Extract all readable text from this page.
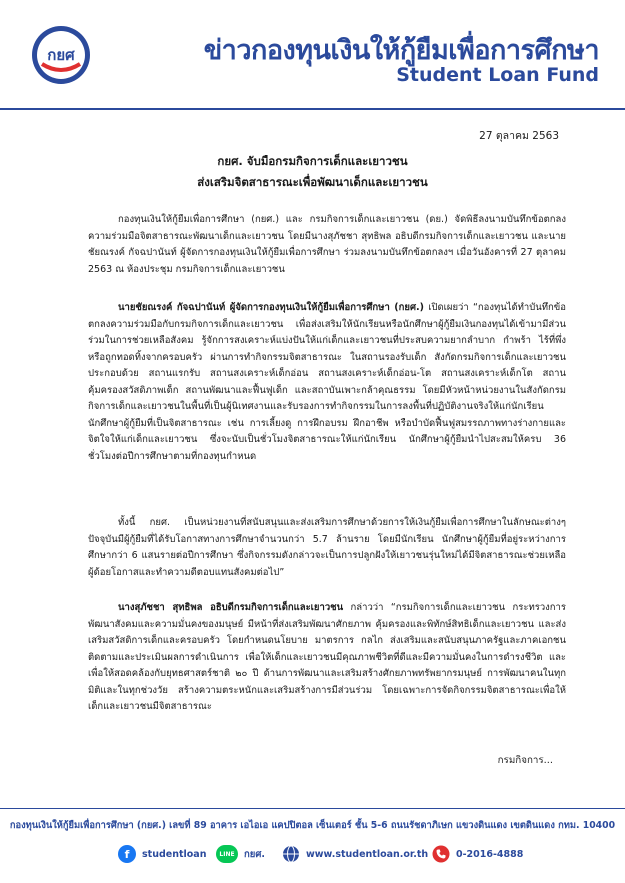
กยศ	ข่าวกองทุนเงินให้กู้ยืมเพื่อการศึกษา
Student Loan Fund
27 ตุลาคม 2563
กยศ. จับมือกรมกิจการเด็กและเยาวชน
ส่งเสริมจิตสาธารณะเพื่อพัฒนาเด็กและเยาวชน
กองทุนเงินให้กู้ยืมเพื่อการศึกษา (กยศ.) และ กรมกิจการเด็กและเยาวชน (ดย.) จัดพิธีลงนามบันทึกข้อตกลงความร่วมมือจิตสาธารณะพัฒนาเด็กและเยาวชน โดยมีนางสุภัชชา สุทธิพล อธิบดีกรมกิจการเด็กและเยาวชน และนายชัยณรงค์ กัจฉปานันท์ ผู้จัดการกองทุนเงินให้กู้ยืมเพื่อการศึกษา ร่วมลงนามบันทึกข้อตกลงฯ เมื่อวันอังคารที่ 27 ตุลาคม 2563 ณ ห้องประชุม กรมกิจการเด็กและเยาวชน
นายชัยณรงค์ กัจฉปานันท์ ผู้จัดการกองทุนเงินให้กู้ยืมเพื่อการศึกษา (กยศ.) เปิดเผยว่า “กองทุนได้ทำบันทึกข้อตกลงความร่วมมือกับกรมกิจการเด็กและเยาวชน เพื่อส่งเสริมให้นักเรียนหรือนักศึกษาผู้กู้ยืมเงินกองทุนได้เข้ามามีส่วนร่วมในการช่วยเหลือสังคม รู้จักการสงเคราะห์แบ่งปันให้แก่เด็กและเยาวชนที่ประสบความยากลำบาก กำพร้า ไร้ที่พึ่ง หรือถูกทอดทิ้งจากครอบครัว ผ่านการทำกิจกรรมจิตสาธารณะ ในสถานรองรับเด็ก สังกัดกรมกิจการเด็กและเยาวชน ประกอบด้วย สถานแรกรับ สถานสงเคราะห์เด็กอ่อน สถานสงเคราะห์เด็กอ่อน-โต สถานสงเคราะห์เด็กโต สถานคุ้มครองสวัสดิภาพเด็ก สถานพัฒนาและฟื้นฟูเด็ก และสถาบันเพาะกล้าคุณธรรม โดยมีหัวหน้าหน่วยงานในสังกัดกรมกิจการเด็กและเยาวชนในพื้นที่เป็นผู้นิเทศงานและรับรองการทำกิจกรรมในการลงพื้นที่ปฏิบัติงานจริงให้แก่นักเรียน นักศึกษาผู้กู้ยืมที่เป็นจิตสาธารณะ เช่น การเลี้ยงดู การฝึกอบรม ฝึกอาชีพ หรือบำบัดฟื้นฟูสมรรถภาพทางร่างกายและจิตใจให้แก่เด็กและเยาวชน ซึ่งจะนับเป็นชั่วโมงจิตสาธารณะให้แก่นักเรียน นักศึกษาผู้กู้ยืมนำไปสะสมให้ครบ 36 ชั่วโมงต่อปีการศึกษาตามที่กองทุนกำหนด
ทั้งนี้ กยศ. เป็นหน่วยงานที่สนับสนุนและส่งเสริมการศึกษาด้วยการให้เงินกู้ยืมเพื่อการศึกษาในลักษณะต่างๆ ปัจจุบันมีผู้กู้ยืมที่ได้รับโอกาสทางการศึกษาจำนวนกว่า 5.7 ล้านราย โดยมีนักเรียน นักศึกษาผู้กู้ยืมที่อยู่ระหว่างการศึกษากว่า 6 แสนรายต่อปีการศึกษา ซึ่งกิจกรรมดังกล่าวจะเป็นการปลูกฝังให้เยาวชนรุ่นใหม่ได้มีจิตสาธารณะช่วยเหลือผู้ด้อยโอกาสและทำความดีตอบแทนสังคมต่อไป”
นางสุภัชชา สุทธิพล อธิบดีกรมกิจการเด็กและเยาวชน กล่าวว่า “กรมกิจการเด็กและเยาวชน กระทรวงการพัฒนาสังคมและความมั่นคงของมนุษย์ มีหน้าที่ส่งเสริมพัฒนาศักยภาพ คุ้มครองและพิทักษ์สิทธิเด็กและเยาวชน และส่งเสริมสวัสดิการเด็กและครอบครัว โดยกำหนดนโยบาย มาตรการ กลไก ส่งเสริมและสนับสนุนภาครัฐและภาคเอกชน ติดตามและประเมินผลการดำเนินการ เพื่อให้เด็กและเยาวชนมีคุณภาพชีวิตที่ดีและมีความมั่นคงในการดำรงชีวิต และเพื่อให้สอดคล้องกับยุทธศาสตร์ชาติ ๒๐ ปี ด้านการพัฒนาและเสริมสร้างศักยภาพทรัพยากรมนุษย์ การพัฒนาคนในทุกมิติและในทุกช่วงวัย สร้างความตระหนักและเสริมสร้างการมีส่วนร่วม โดยเฉพาะการจัดกิจกรรมจิตสาธารณะเพื่อให้เด็กและเยาวชนมีจิตสาธารณะ
กรมกิจการ...
กองทุนเงินให้กู้ยืมเพื่อการศึกษา (กยศ.) เลขที่ 89 อาคาร เอไอเอ แคปปิตอล เซ็นเตอร์ ชั้น 5-6 ถนนรัชดาภิเษก แขวงดินแดง เขตดินแดง กทม. 10400
f	studentloan	LINE กยศ.	www.studentloan.or.th	0-2016-4888
